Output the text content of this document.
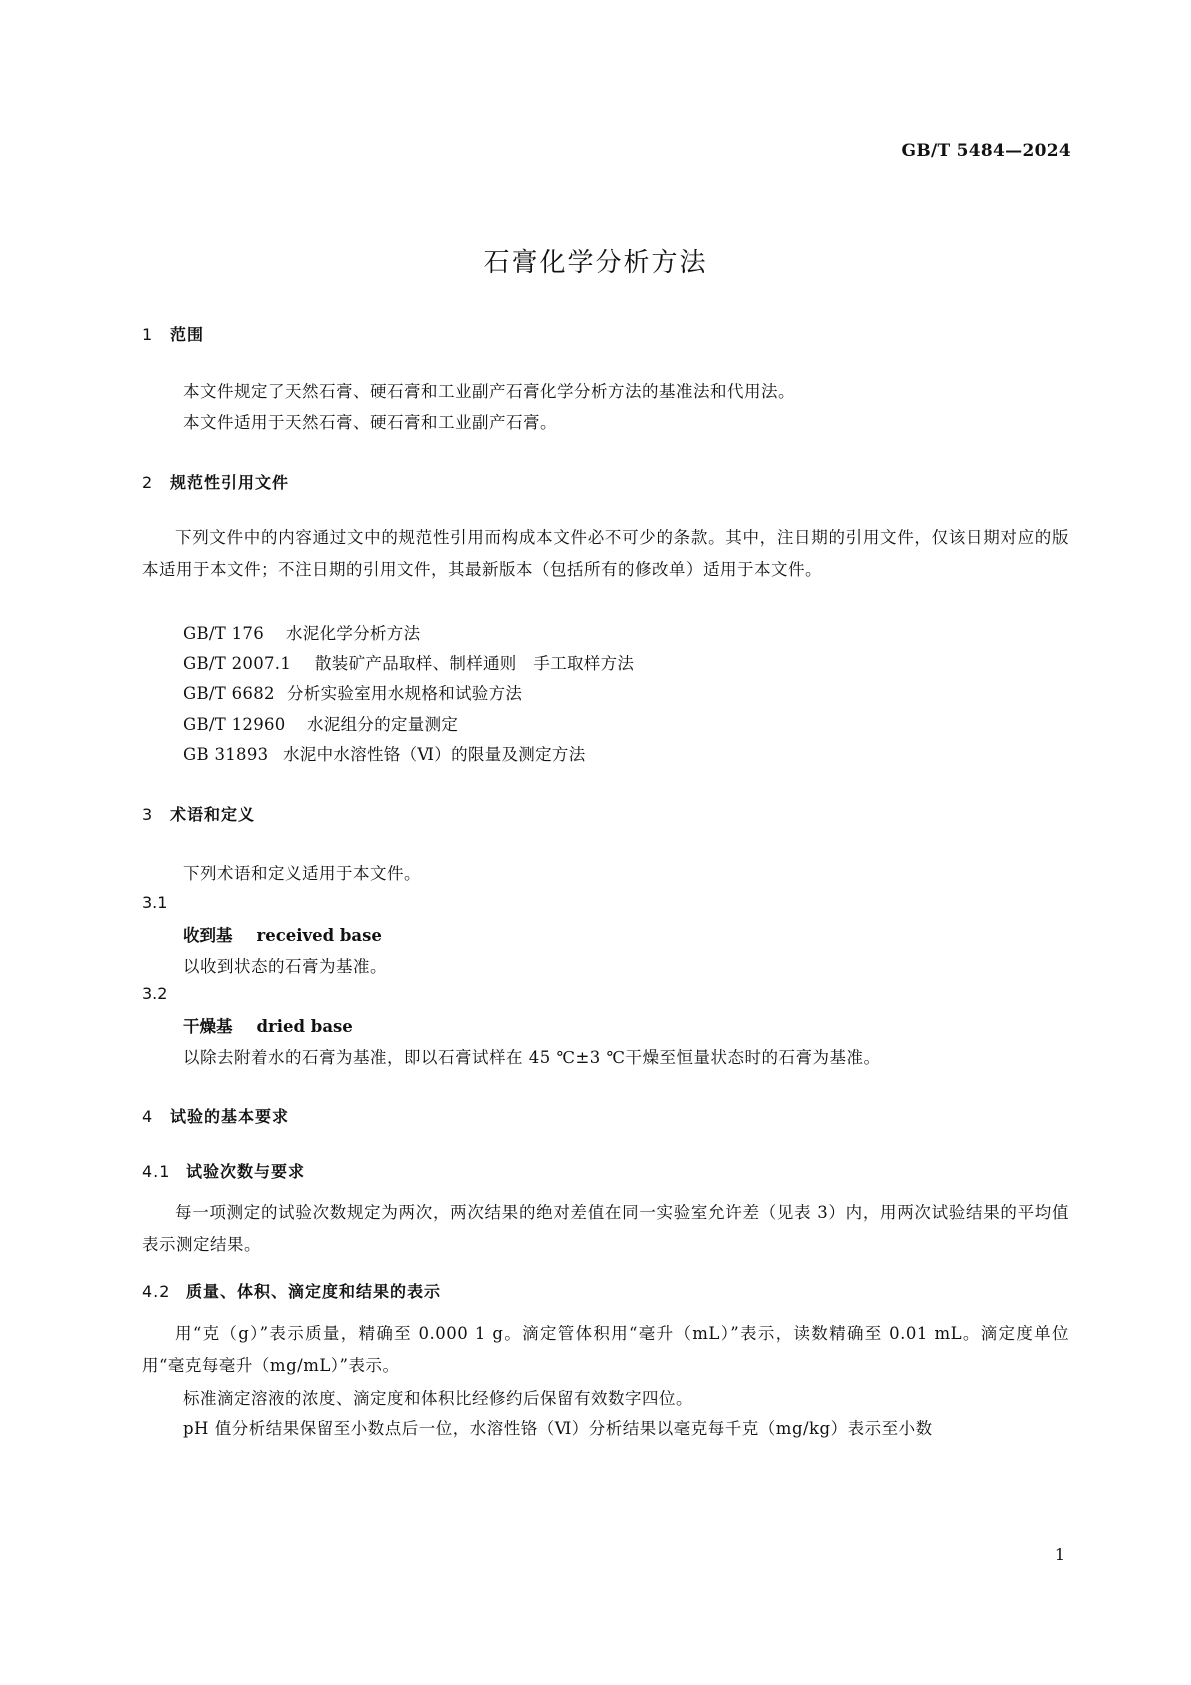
GB/T 5484—2024
石膏化学分析方法
1 范围
本文件规定了天然石膏、硬石膏和工业副产石膏化学分析方法的基准法和代用法。
本文件适用于天然石膏、硬石膏和工业副产石膏。
2 规范性引用文件

下列文件中的内容通过文中的规范性引用而构成本文件必不可少的条款。其中，注日期的引用文件，仅该日期对应的版本适用于本文件；不注日期的引用文件，其最新版本（包括所有的修改单）适用于本文件。

GB/T 176 水泥化学分析方法
GB/T 2007.1 散装矿产品取样、制样通则　手工取样方法
GB/T 6682 分析实验室用水规格和试验方法
GB/T 12960 水泥组分的定量测定
GB 31893 水泥中水溶性铬（Ⅵ）的限量及测定方法
3 术语和定义
下列术语和定义适用于本文件。
3.1
收到基 received base
以收到状态的石膏为基准。
3.2
干燥基 dried base
以除去附着水的石膏为基准，即以石膏试样在 45 ℃±3 ℃干燥至恒量状态时的石膏为基准。
4 试验的基本要求
4.1 试验次数与要求

每一项测定的试验次数规定为两次，两次结果的绝对差值在同一实验室允许差（见表 3）内，用两次试验结果的平均值表示测定结果。

4.2 质量、体积、滴定度和结果的表示

用“克（g）”表示质量，精确至 0.000 1 g。滴定管体积用“毫升（mL）”表示，读数精确至 0.01 mL。滴定度单位用“毫克每毫升（mg/mL）”表示。

标准滴定溶液的浓度、滴定度和体积比经修约后保留有效数字四位。
pH 值分析结果保留至小数点后一位，水溶性铬（Ⅵ）分析结果以毫克每千克（mg/kg）表示至小数
1
